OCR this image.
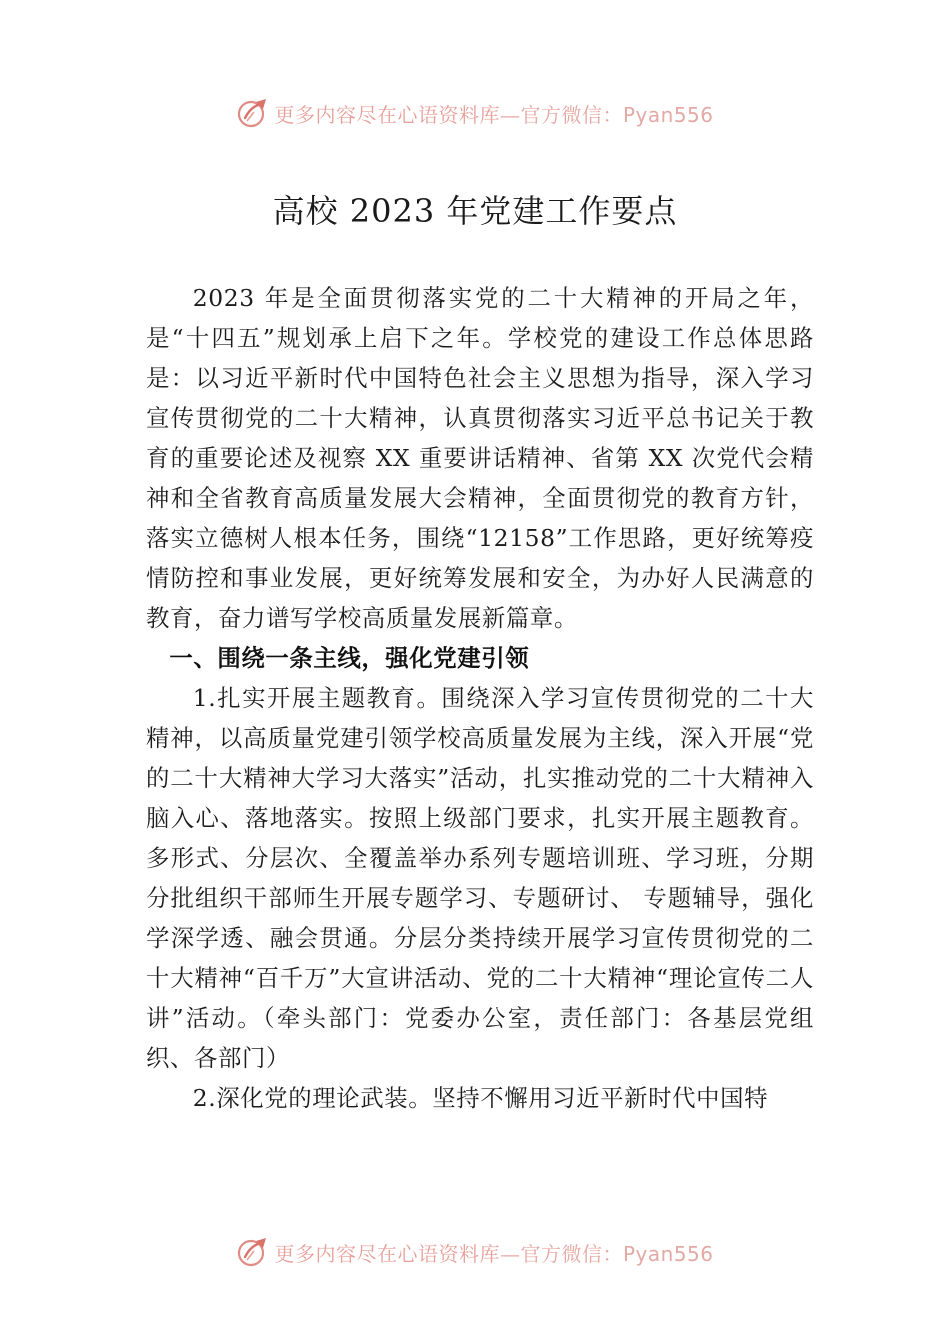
更多内容尽在心语资料库—官方微信：Pyan556
高校 2023 年党建工作要点

2023 年是全面贯彻落实党的二十大精神的开局之年，是“十四五”规划承上启下之年。学校党的建设工作总体思路是：以习近平新时代中国特色社会主义思想为指导，深入学习宣传贯彻党的二十大精神，认真贯彻落实习近平总书记关于教育的重要论述及视察 XX 重要讲话精神、省第 XX 次党代会精神和全省教育高质量发展大会精神，全面贯彻党的教育方针，落实立德树人根本任务，围绕“12158”工作思路，更好统筹疫情防控和事业发展，更好统筹发展和安全，为办好人民满意的教育，奋力谱写学校高质量发展新篇章。

一、围绕一条主线，强化党建引领

1.扎实开展主题教育。围绕深入学习宣传贯彻党的二十大精神，以高质量党建引领学校高质量发展为主线，深入开展“党的二十大精神大学习大落实”活动，扎实推动党的二十大精神入脑入心、落地落实。按照上级部门要求，扎实开展主题教育。多形式、分层次、全覆盖举办系列专题培训班、学习班，分期分批组织干部师生开展专题学习、专题研讨、 专题辅导，强化学深学透、融会贯通。分层分类持续开展学习宣传贯彻党的二十大精神“百千万”大宣讲活动、党的二十大精神“理论宣传二人讲”活动。（牵头部门：党委办公室，责任部门：各基层党组织、各部门）

2.深化党的理论武装。坚持不懈用习近平新时代中国特

更多内容尽在心语资料库—官方微信：Pyan556
